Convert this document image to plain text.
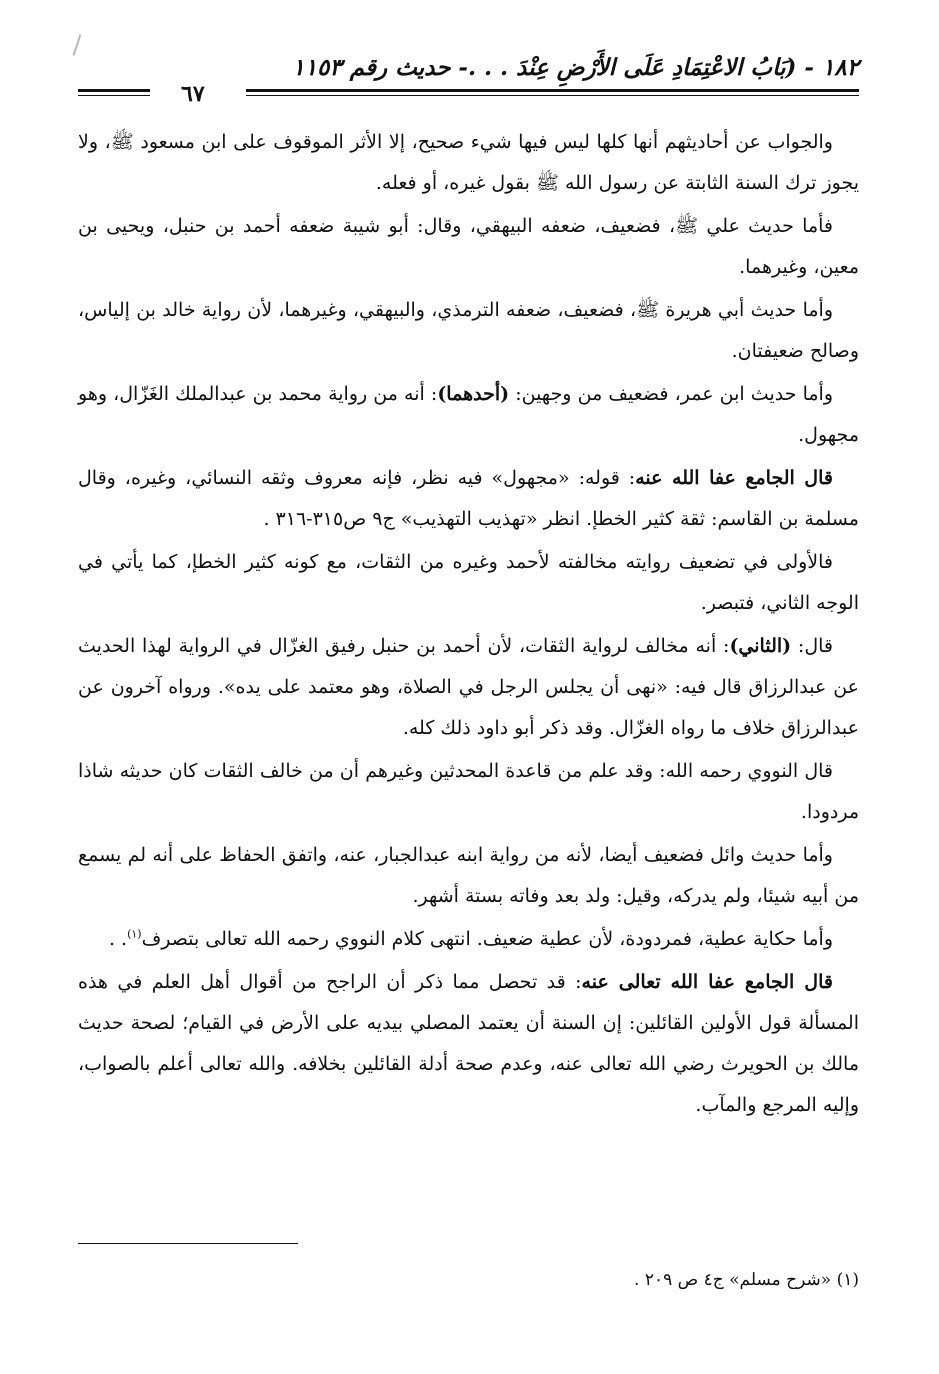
١٨٢ - (بَابُ الاعْتِمَادِ عَلَى الأَرْضِ عِنْدَ . . .- حديث رقم ١١٥٣
٦٧

والجواب عن أحاديثهم أنها كلها ليس فيها شيء صحيح، إلا الأثر الموقوف على ابن مسعود ﷺ، ولا يجوز ترك السنة الثابتة عن رسول الله ﷺ بقول غيره، أو فعله.

فأما حديث علي ﷺ، فضعيف، ضعفه البيهقي، وقال: أبو شيبة ضعفه أحمد بن حنبل، ويحيى بن معين، وغيرهما.

وأما حديث أبي هريرة ﷺ، فضعيف، ضعفه الترمذي، والبيهقي، وغيرهما، لأن رواية خالد بن إلياس، وصالح ضعيفتان.

وأما حديث ابن عمر، فضعيف من وجهين: (أحدهما): أنه من رواية محمد بن عبدالملك الغَزّال، وهو مجهول.

قال الجامع عفا الله عنه: قوله: «مجهول» فيه نظر، فإنه معروف وثقه النسائي، وغيره، وقال مسلمة بن القاسم: ثقة كثير الخطإ. انظر «تهذيب التهذيب» ج٩ ص٣١٥-٣١٦ .

فالأولى في تضعيف روايته مخالفته لأحمد وغيره من الثقات، مع كونه كثير الخطإ، كما يأتي في الوجه الثاني، فتبصر.

قال: (الثاني): أنه مخالف لرواية الثقات، لأن أحمد بن حنبل رفيق الغزّال في الرواية لهذا الحديث عن عبدالرزاق قال فيه: «نهى أن يجلس الرجل في الصلاة، وهو معتمد على يده». ورواه آخرون عن عبدالرزاق خلاف ما رواه الغزّال. وقد ذكر أبو داود ذلك كله.

قال النووي رحمه الله: وقد علم من قاعدة المحدثين وغيرهم أن من خالف الثقات كان حديثه شاذا مردودا.

وأما حديث وائل فضعيف أيضا، لأنه من رواية ابنه عبدالجبار، عنه، واتفق الحفاظ على أنه لم يسمع من أبيه شيئا، ولم يدركه، وقيل: ولد بعد وفاته بستة أشهر.

وأما حكاية عطية، فمردودة، لأن عطية ضعيف. انتهى كلام النووي رحمه الله تعالى بتصرف$^{(١)}$. .

قال الجامع عفا الله تعالى عنه: قد تحصل مما ذكر أن الراجح من أقوال أهل العلم في هذه المسألة قول الأولين القائلين: إن السنة أن يعتمد المصلي بيديه على الأرض في القيام؛ لصحة حديث مالك بن الحويرث رضي الله تعالى عنه، وعدم صحة أدلة القائلين بخلافه. والله تعالى أعلم بالصواب، وإليه المرجع والمآب.

(١) «شرح مسلم» ج٤ ص ٢٠٩ .
